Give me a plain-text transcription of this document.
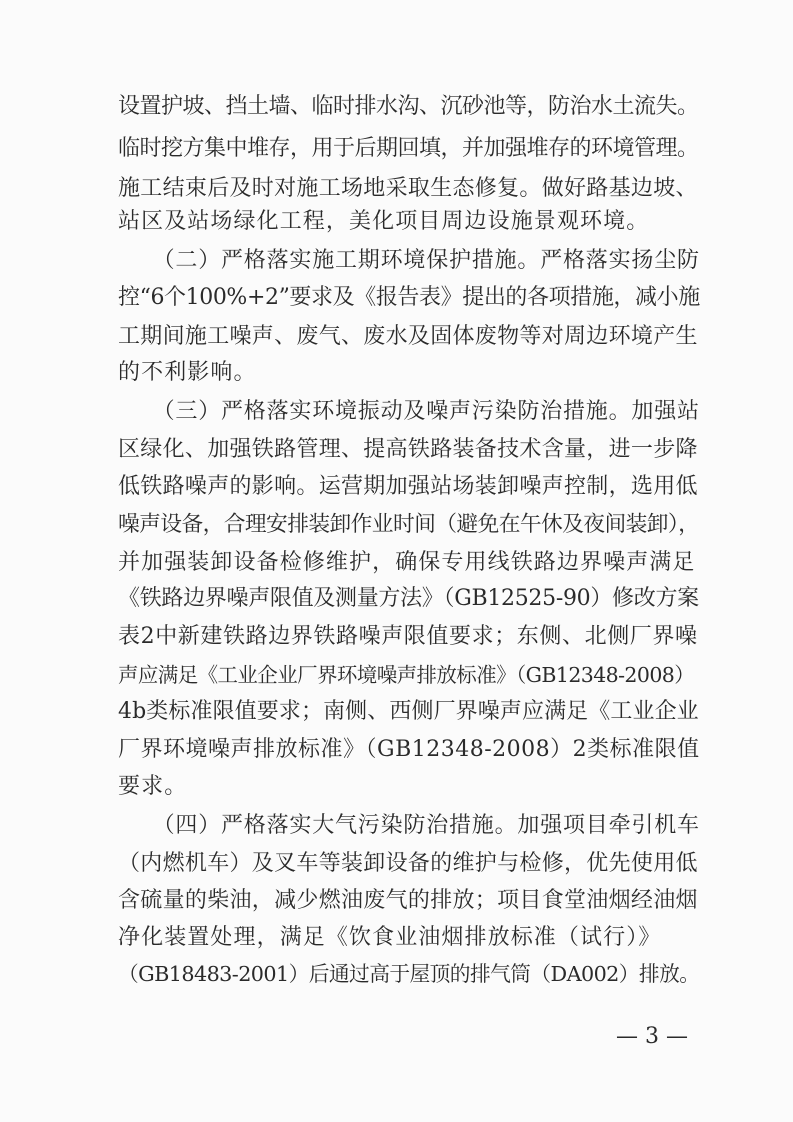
设置护坡、挡土墙、临时排水沟、沉砂池等，防治水土流失。
临时挖方集中堆存，用于后期回填，并加强堆存的环境管理。
施工结束后及时对施工场地采取生态修复。做好路基边坡、
站区及站场绿化工程，美化项目周边设施景观环境。
　　（二）严格落实施工期环境保护措施。严格落实扬尘防
控“6个100%+2”要求及《报告表》提出的各项措施，减小施
工期间施工噪声、废气、废水及固体废物等对周边环境产生
的不利影响。
　　（三）严格落实环境振动及噪声污染防治措施。加强站
区绿化、加强铁路管理、提高铁路装备技术含量，进一步降
低铁路噪声的影响。运营期加强站场装卸噪声控制，选用低
噪声设备，合理安排装卸作业时间（避免在午休及夜间装卸），
并加强装卸设备检修维护，确保专用线铁路边界噪声满足
《铁路边界噪声限值及测量方法》（GB12525-90）修改方案
表2中新建铁路边界铁路噪声限值要求；东侧、北侧厂界噪
声应满足《工业企业厂界环境噪声排放标准》（GB12348-2008）
4b类标准限值要求；南侧、西侧厂界噪声应满足《工业企业
厂界环境噪声排放标准》（GB12348-2008）2类标准限值
要求。
　　（四）严格落实大气污染防治措施。加强项目牵引机车
（内燃机车）及叉车等装卸设备的维护与检修，优先使用低
含硫量的柴油，减少燃油废气的排放；项目食堂油烟经油烟
净化装置处理，满足《饮食业油烟排放标准（试行）》
（GB18483-2001）后通过高于屋顶的排气筒（DA002）排放。
— 3 —
